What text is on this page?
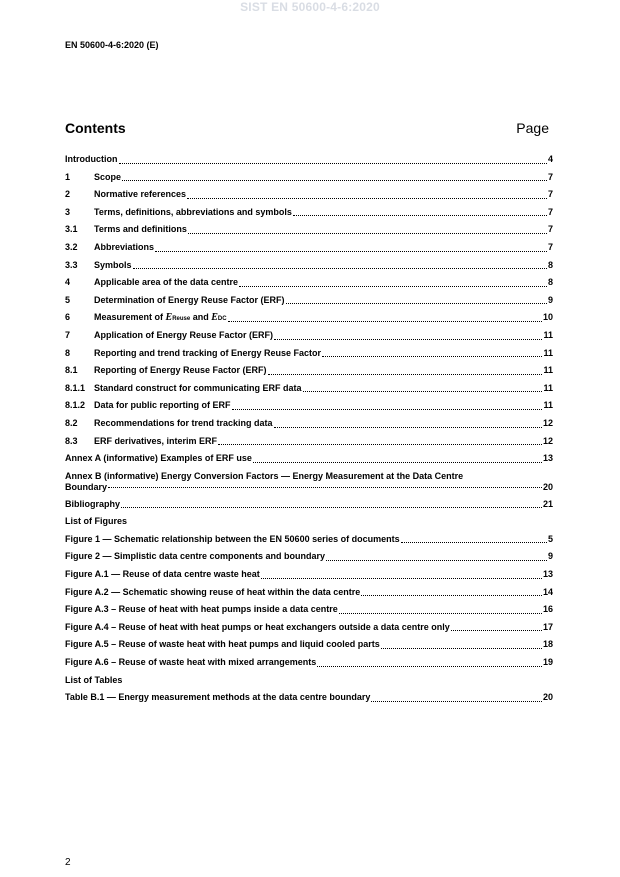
SIST EN 50600-4-6:2020
EN 50600-4-6:2020 (E)
Contents	Page
Introduction	4
1	Scope	7
2	Normative references	7
3	Terms, definitions, abbreviations and symbols	7
3.1	Terms and definitions	7
3.2	Abbreviations	7
3.3	Symbols	8
4	Applicable area of the data centre	8
5	Determination of Energy Reuse Factor (ERF)	9
6	Measurement of EReuse and EDC	10
7	Application of Energy Reuse Factor (ERF)	11
8	Reporting and trend tracking of Energy Reuse Factor	11
8.1	Reporting of Energy Reuse Factor (ERF)	11
8.1.1 Standard construct for communicating ERF data	11
8.1.2 Data for public reporting of ERF	11
8.2	Recommendations for trend tracking data	12
8.3	ERF derivatives, interim ERF	12
Annex A (informative) Examples of ERF use	13
Annex B (informative) Energy Conversion Factors — Energy Measurement at the Data Centre
Boundary	20
Bibliography	21
List of Figures
Figure 1 — Schematic relationship between the EN 50600 series of documents	5
Figure 2 — Simplistic data centre components and boundary	9
Figure A.1 — Reuse of data centre waste heat	13
Figure A.2 — Schematic showing reuse of heat within the data centre	14
Figure A.3 – Reuse of heat with heat pumps inside a data centre	16
Figure A.4 – Reuse of heat with heat pumps or heat exchangers outside a data centre only	17
Figure A.5 – Reuse of waste heat with heat pumps and liquid cooled parts	18
Figure A.6 – Reuse of waste heat with mixed arrangements	19
List of Tables
Table B.1 — Energy measurement methods at the data centre boundary	20
2
